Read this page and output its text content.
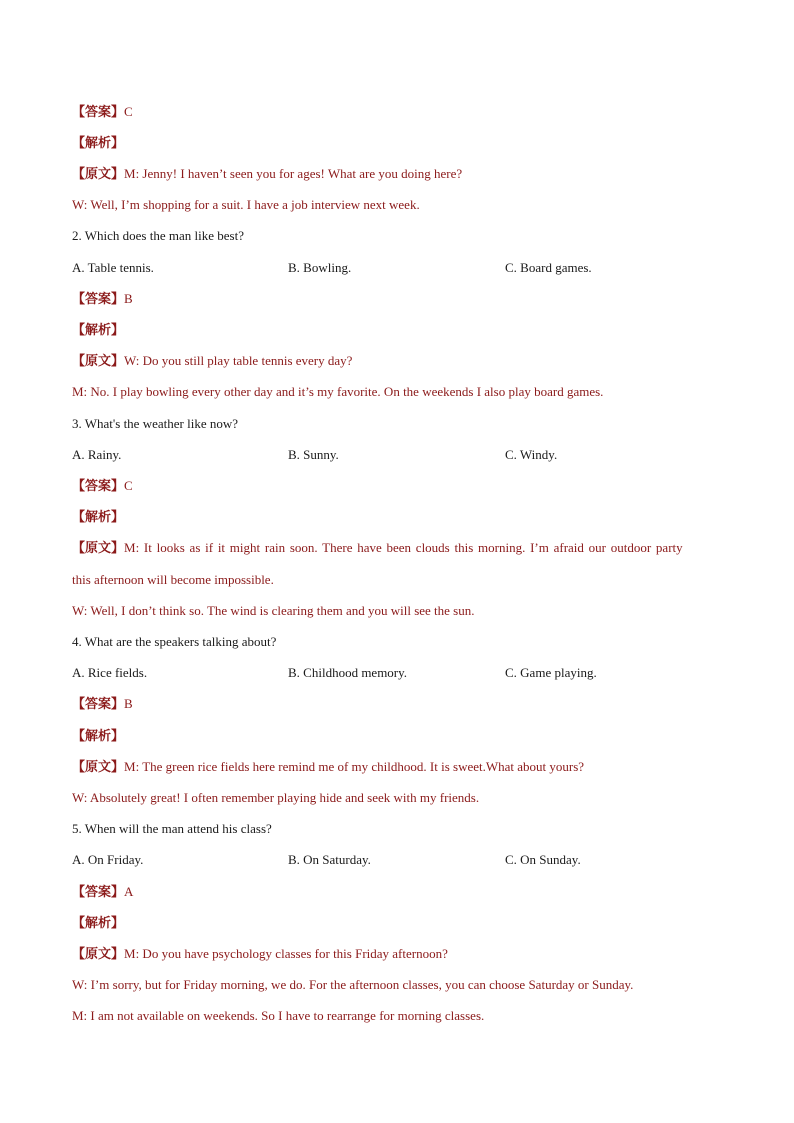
【答案】C
【解析】
【原文】M: Jenny! I haven’t seen you for ages! What are you doing here?
W: Well, I’m shopping for a suit. I have a job interview next week.
2. Which does the man like best?
A. Table tennis.	B. Bowling.	C. Board games.
【答案】B
【解析】
【原文】W: Do you still play table tennis every day?
M: No. I play bowling every other day and it’s my favorite. On the weekends I also play board games.
3. What's the weather like now?
A. Rainy.	B. Sunny.	C. Windy.
【答案】C
【解析】
【原文】M: It looks as if it might rain soon. There have been clouds this morning. I’m afraid our outdoor party
this afternoon will become impossible.
W: Well, I don’t think so. The wind is clearing them and you will see the sun.
4. What are the speakers talking about?
A. Rice fields.	B. Childhood memory.	C. Game playing.
【答案】B
【解析】
【原文】M: The green rice fields here remind me of my childhood. It is sweet.What about yours?
W: Absolutely great! I often remember playing hide and seek with my friends.
5. When will the man attend his class?
A. On Friday.	B. On Saturday.	C. On Sunday.
【答案】A
【解析】
【原文】M: Do you have psychology classes for this Friday afternoon?
W: I’m sorry, but for Friday morning, we do. For the afternoon classes, you can choose Saturday or Sunday.
M: I am not available on weekends. So I have to rearrange for morning classes.
